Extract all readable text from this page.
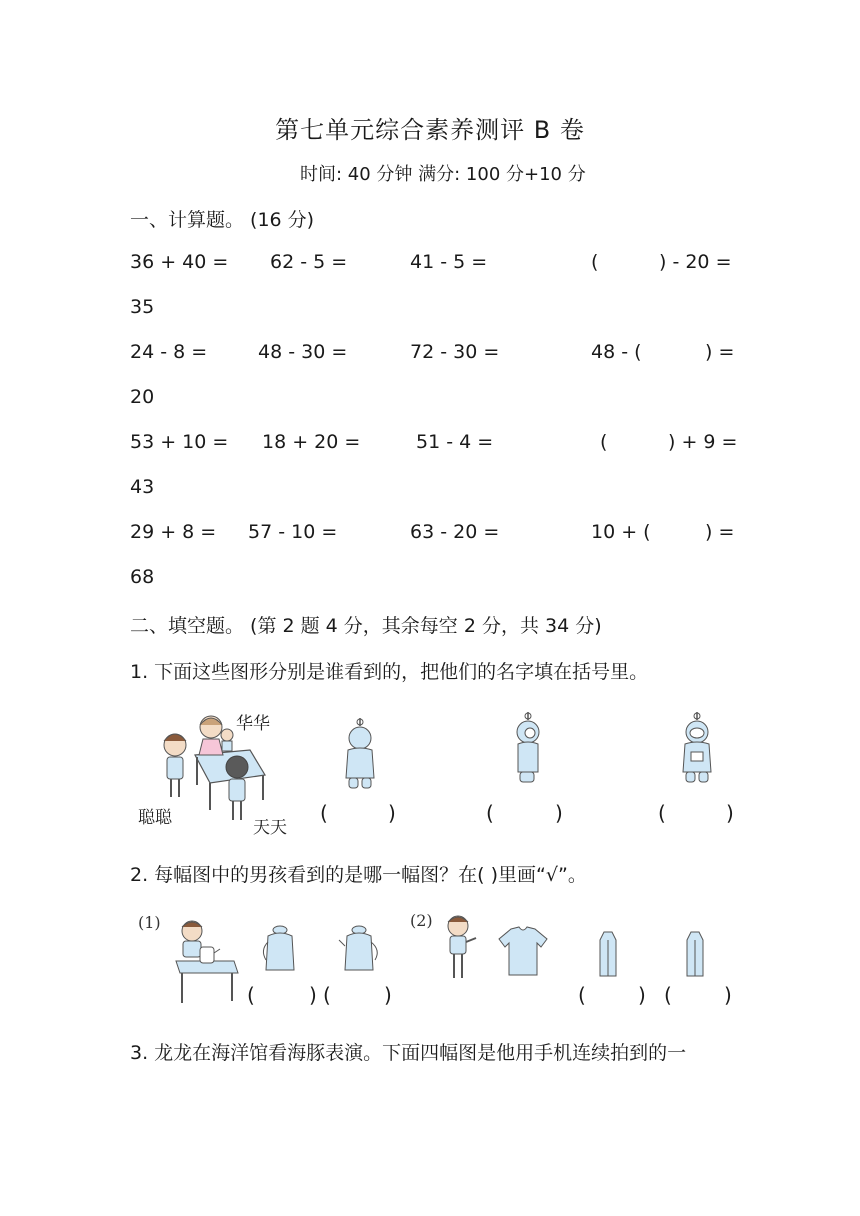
第七单元综合素养测评 B 卷
时间: 40 分钟 满分: 100 分+10 分
一、计算题。 (16 分)
36 + 40 = 62 - 5 =	41 - 5 =	(	) - 20 =
35
24 - 8 =	48 - 30 =	72 - 30 =	48 - (	) =
20
53 + 10 = 18 + 20 =	51 - 4 =	(	) + 9 =
43
29 + 8 = 57 - 10 =	63 - 20 =	10 + (	) =
68
二、填空题。 (第 2 题 4 分，其余每空 2 分，共 34 分)
1. 下面这些图形分别是谁看到的，把他们的名字填在括号里。
华华
聪聪	天天
(	)	(	)	(	)
2. 每幅图中的男孩看到的是哪一幅图？在( )里画“√”。
(1)	(2)
(	) (	)	(	) (	)
3. 龙龙在海洋馆看海豚表演。下面四幅图是他用手机连续拍到的一
